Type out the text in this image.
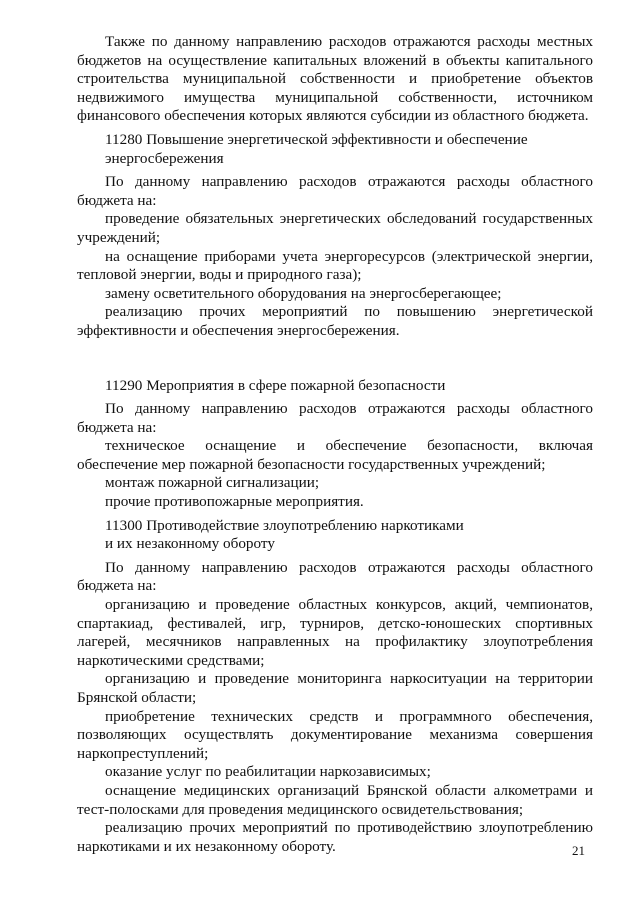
Также по данному направлению расходов отражаются расходы местных бюджетов на осуществление капитальных вложений в объекты капитального строительства муниципальной собственности и приобретение объектов недвижимого имущества муниципальной собственности, источником финансового обеспечения которых являются субсидии из областного бюджета.

11280 Повышение энергетической эффективности и обеспечение

энергосбережения

По данному направлению расходов отражаются расходы областного бюджета на:

проведение обязательных энергетических обследований государственных учреждений;

на оснащение приборами учета энергоресурсов (электрической энергии, тепловой энергии, воды и природного газа);

замену осветительного оборудования на энергосберегающее;

реализацию прочих мероприятий по повышению энергетической эффективности и обеспечения энергосбережения.

11290 Мероприятия в сфере пожарной безопасности

По данному направлению расходов отражаются расходы областного бюджета на:

техническое оснащение и обеспечение безопасности, включая обеспечение мер пожарной безопасности государственных учреждений;

монтаж пожарной сигнализации;

прочие противопожарные мероприятия.

11300 Противодействие злоупотреблению наркотиками

и их незаконному обороту

По данному направлению расходов отражаются расходы областного бюджета на:

организацию и проведение областных конкурсов, акций, чемпионатов, спартакиад, фестивалей, игр, турниров, детско-юношеских спортивных лагерей, месячников направленных на профилактику злоупотребления наркотическими средствами;

организацию и проведение мониторинга наркоситуации на территории Брянской области;

приобретение технических средств и программного обеспечения, позволяющих осуществлять документирование механизма совершения наркопреступлений;

оказание услуг по реабилитации наркозависимых;

оснащение медицинских организаций Брянской области алкометрами и тест-полосками для проведения медицинского освидетельствования;

реализацию прочих мероприятий по противодействию злоупотреблению наркотиками и их незаконному обороту.	21
